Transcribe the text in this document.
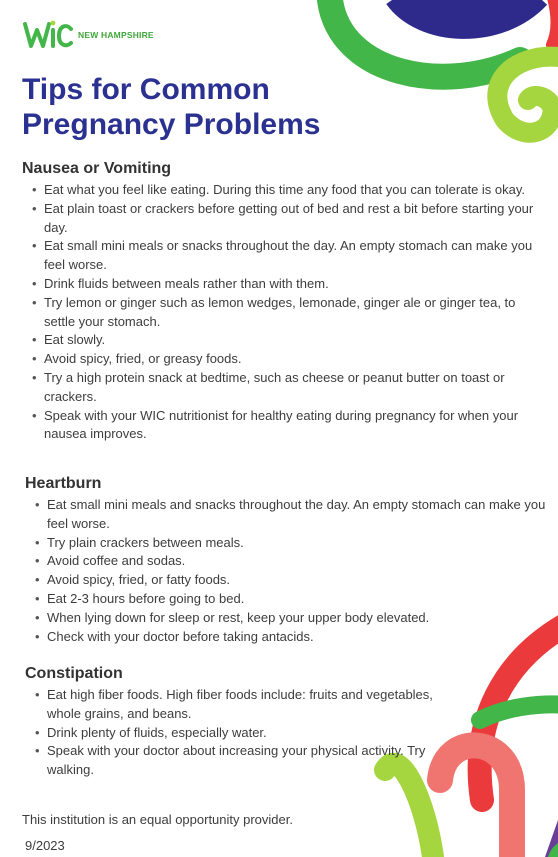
NEW HAMPSHIRE
Tips for Common
Pregnancy Problems
Nausea or Vomiting
• Eat what you feel like eating. During this time any food that you can tolerate is okay.
• Eat plain toast or crackers before getting out of bed and rest a bit before starting your day.
• Eat small mini meals or snacks throughout the day. An empty stomach can make you feel worse.
• Drink fluids between meals rather than with them.
• Try lemon or ginger such as lemon wedges, lemonade, ginger ale or ginger tea, to settle your stomach.
• Eat slowly.
• Avoid spicy, fried, or greasy foods.
• Try a high protein snack at bedtime, such as cheese or peanut butter on toast or crackers.
• Speak with your WIC nutritionist for healthy eating during pregnancy for when your nausea improves.
Heartburn
• Eat small mini meals and snacks throughout the day. An empty stomach can make you feel worse.
• Try plain crackers between meals.
• Avoid coffee and sodas.
• Avoid spicy, fried, or fatty foods.
• Eat 2-3 hours before going to bed.
• When lying down for sleep or rest, keep your upper body elevated.
• Check with your doctor before taking antacids.
Constipation
• Eat high fiber foods. High fiber foods include: fruits and vegetables, whole grains, and beans.
• Drink plenty of fluids, especially water.
• Speak with your doctor about increasing your physical activity. Try walking.
This institution is an equal opportunity provider.
9/2023
